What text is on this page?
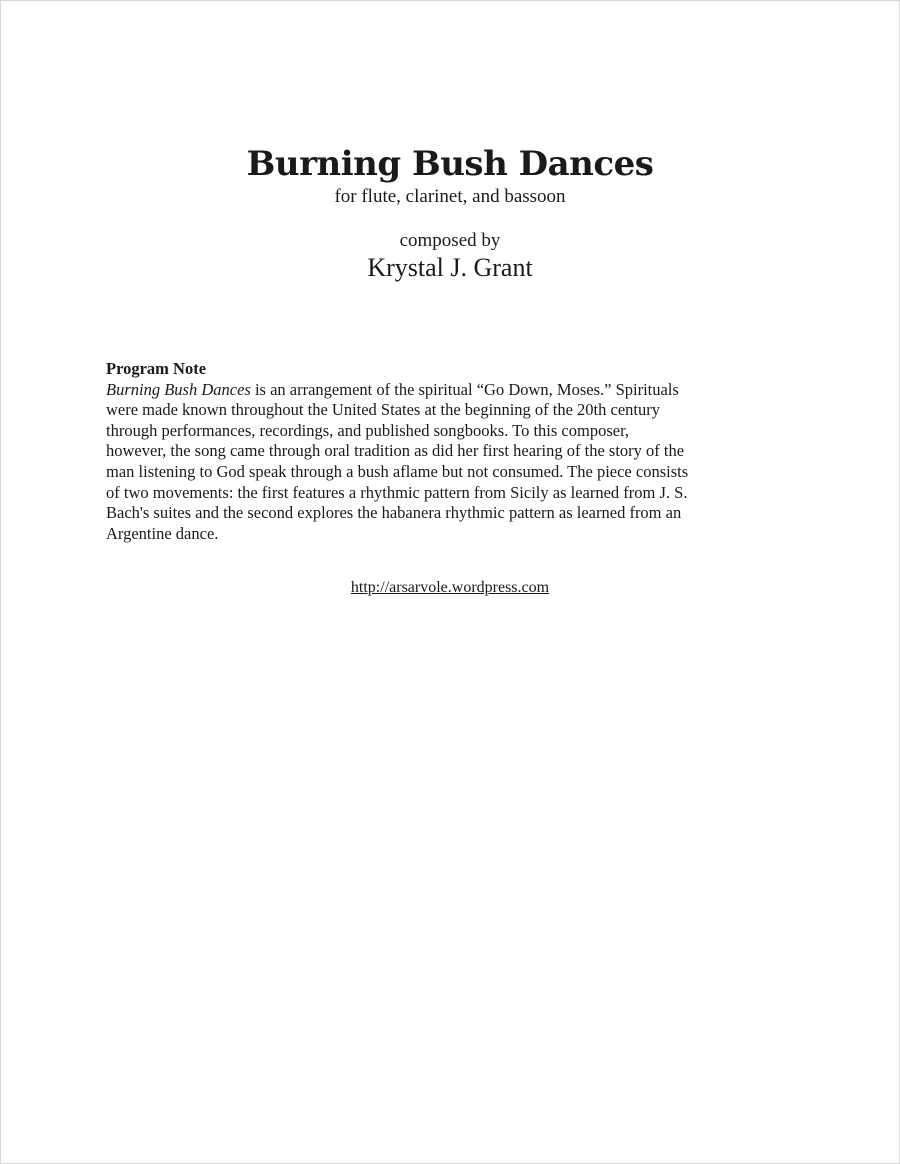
Burning Bush Dances

for flute, clarinet, and bassoon

composed by

Krystal J. Grant

Program Note

Burning Bush Dances is an arrangement of the spiritual “Go Down, Moses.” Spirituals
were made known throughout the United States at the beginning of the 20th century
through performances, recordings, and published songbooks. To this composer,
however, the song came through oral tradition as did her first hearing of the story of the
man listening to God speak through a bush aflame but not consumed. The piece consists
of two movements: the first features a rhythmic pattern from Sicily as learned from J. S.
Bach's suites and the second explores the habanera rhythmic pattern as learned from an
Argentine dance.

http://arsarvole.wordpress.com
